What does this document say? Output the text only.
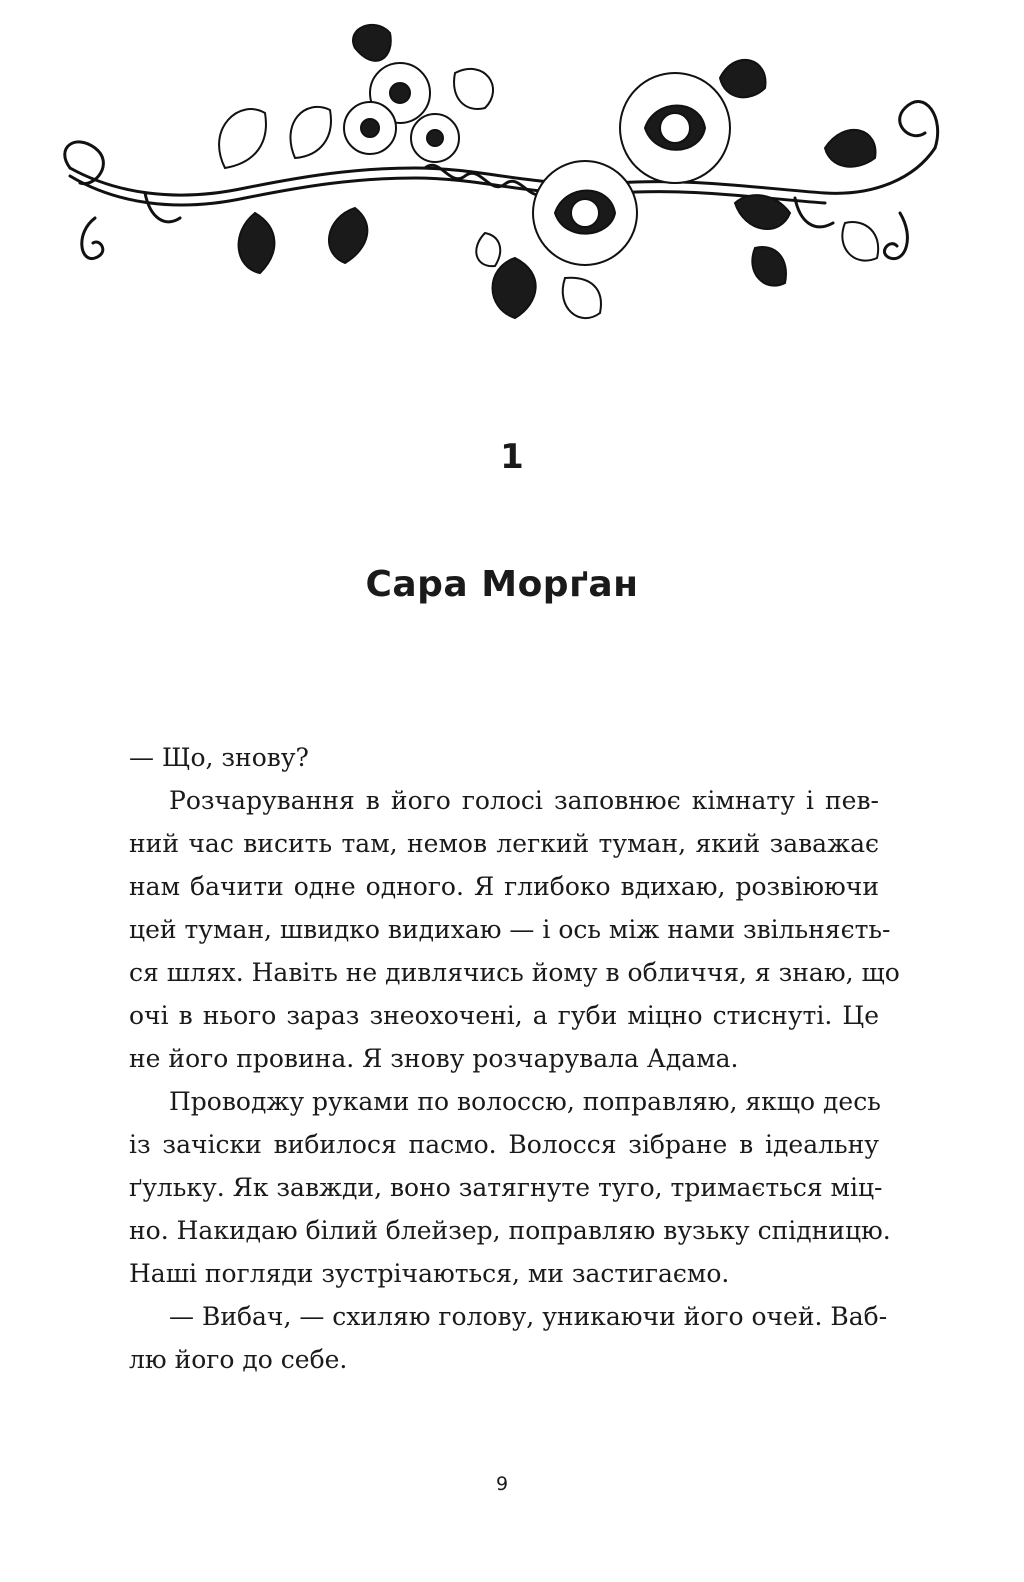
1
Сара Морґан
— Що, знову?
Розчарування в його голосі заповнює кімнату і пев-
ний час висить там, немов легкий туман, який заважає
нам бачити одне одного. Я глибоко вдихаю, розвіюючи
цей туман, швидко видихаю — і ось між нами звільняєть-
ся шлях. Навіть не дивлячись йому в обличчя, я знаю, що
очі в нього зараз знеохочені, а губи міцно стиснуті. Це
не його провина. Я знову розчарувала Адама.
Проводжу руками по волоссю, поправляю, якщо десь
із зачіски вибилося пасмо. Волосся зібране в ідеальну
ґульку. Як завжди, воно затягнуте туго, тримається міц-
но. Накидаю білий блейзер, поправляю вузьку спідницю.
Наші погляди зустрічаються, ми застигаємо.
— Вибач, — схиляю голову, уникаючи його очей. Ваб-
лю його до себе.
9
